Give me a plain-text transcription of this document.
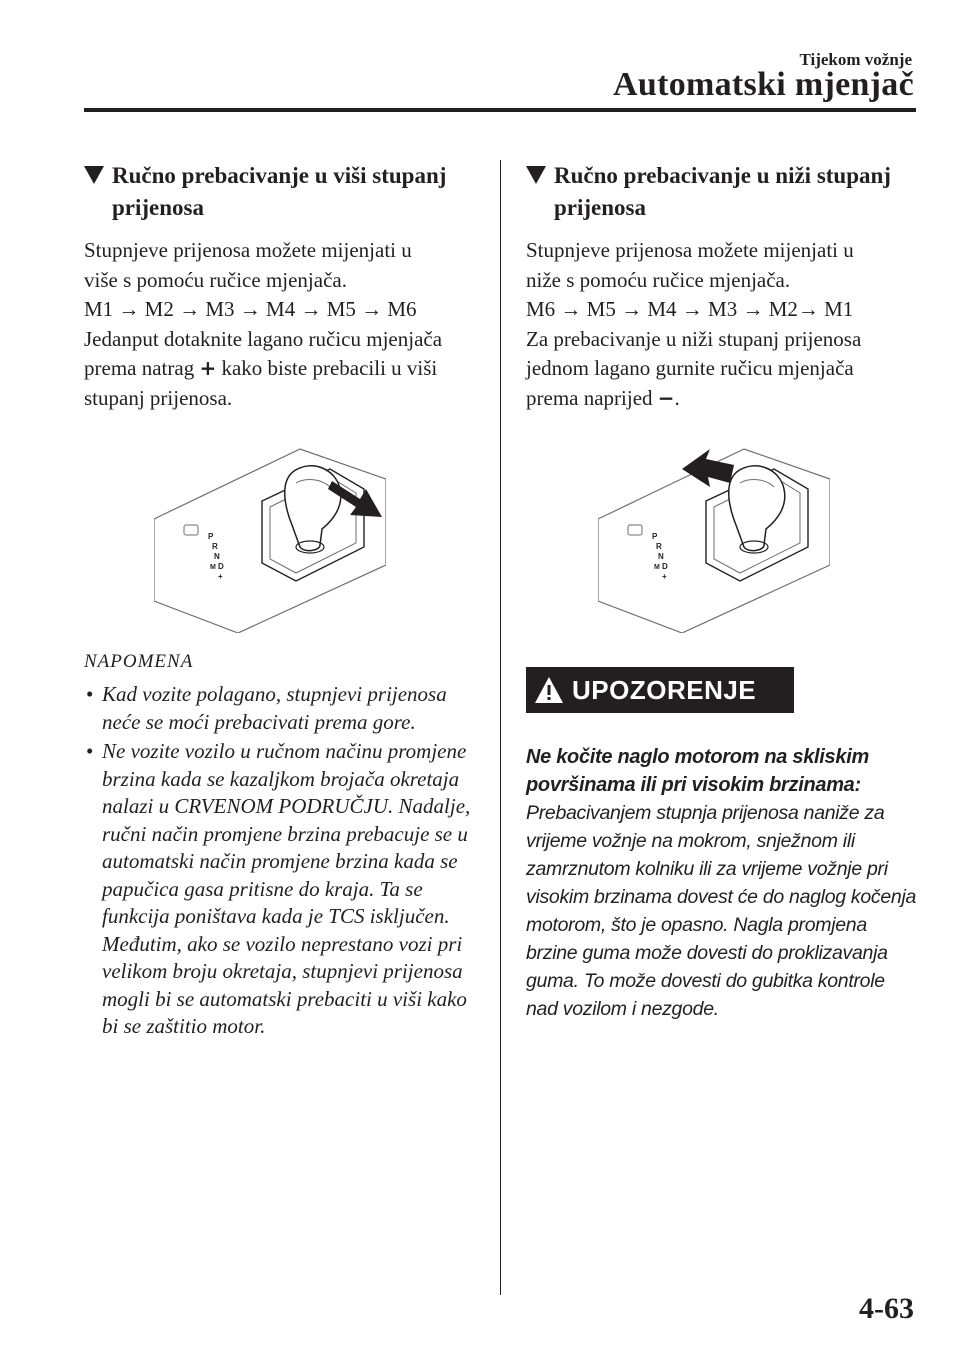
Tijekom vožnje
Automatski mjenjač
Ručno prebacivanje u viši stupanj prijenosa

Stupnjeve prijenosa možete mijenjati u

više s pomoću ručice mjenjača.

M1 → M2 → M3 → M4 → M5 → M6

Jedanput dotaknite lagano ručicu mjenjača

prema natrag + kako biste prebacili u viši

stupanj prijenosa.

P
R
N
D
M
+
NAPOMENA
• Kad vozite polagano, stupnjevi prijenosa neće se moći prebacivati prema gore.
• Ne vozite vozilo u ručnom načinu promjene brzina kada se kazaljkom brojača okretaja nalazi u CRVENOM PODRUČJU. Nadalje, ručni način promjene brzina prebacuje se u automatski način promjene brzina kada se papučica gasa pritisne do kraja. Ta se funkcija poništava kada je TCS isključen. Međutim, ako se vozilo neprestano vozi pri velikom broju okretaja, stupnjevi prijenosa mogli bi se automatski prebaciti u viši kako bi se zaštitio motor.
Ručno prebacivanje u niži stupanj prijenosa

Stupnjeve prijenosa možete mijenjati u

niže s pomoću ručice mjenjača.

M6 → M5 → M4 → M3 → M2→ M1

Za prebacivanje u niži stupanj prijenosa

jednom lagano gurnite ručicu mjenjača

prema naprijed −.

P
R
N
D
M
+
UPOZORENJE

Ne kočite naglo motorom na skliskim površinama ili pri visokim brzinama:

Prebacivanjem stupnja prijenosa naniže za vrijeme vožnje na mokrom, snježnom ili zamrznutom kolniku ili za vrijeme vožnje pri visokim brzinama dovest će do naglog kočenja motorom, što je opasno. Nagla promjena brzine guma može dovesti do proklizavanja guma. To može dovesti do gubitka kontrole nad vozilom i nezgode.

4-63
